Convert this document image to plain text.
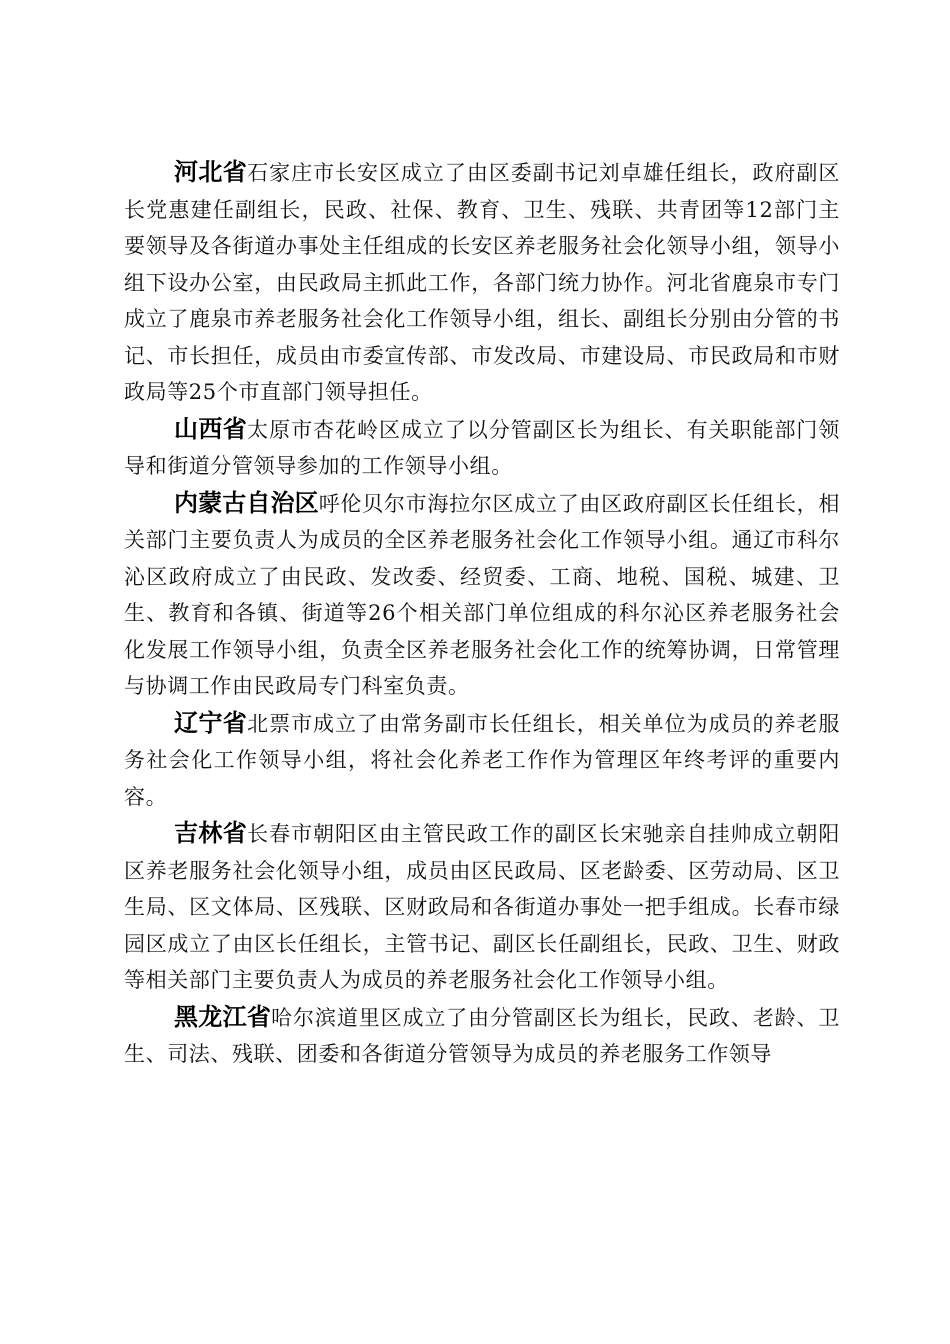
河北省石家庄市长安区成立了由区委副书记刘卓雄任组长，政府副区长党惠建任副组长，民政、社保、教育、卫生、残联、共青团等12部门主要领导及各街道办事处主任组成的长安区养老服务社会化领导小组，领导小组下设办公室，由民政局主抓此工作，各部门统力协作。河北省鹿泉市专门成立了鹿泉市养老服务社会化工作领导小组，组长、副组长分别由分管的书记、市长担任，成员由市委宣传部、市发改局、市建设局、市民政局和市财政局等25个市直部门领导担任。

山西省太原市杏花岭区成立了以分管副区长为组长、有关职能部门领导和街道分管领导参加的工作领导小组。

内蒙古自治区呼伦贝尔市海拉尔区成立了由区政府副区长任组长，相关部门主要负责人为成员的全区养老服务社会化工作领导小组。通辽市科尔沁区政府成立了由民政、发改委、经贸委、工商、地税、国税、城建、卫生、教育和各镇、街道等26个相关部门单位组成的科尔沁区养老服务社会化发展工作领导小组，负责全区养老服务社会化工作的统筹协调，日常管理与协调工作由民政局专门科室负责。

辽宁省北票市成立了由常务副市长任组长，相关单位为成员的养老服务社会化工作领导小组，将社会化养老工作作为管理区年终考评的重要内容。

吉林省长春市朝阳区由主管民政工作的副区长宋驰亲自挂帅成立朝阳区养老服务社会化领导小组，成员由区民政局、区老龄委、区劳动局、区卫生局、区文体局、区残联、区财政局和各街道办事处一把手组成。长春市绿园区成立了由区长任组长，主管书记、副区长任副组长，民政、卫生、财政等相关部门主要负责人为成员的养老服务社会化工作领导小组。

黑龙江省哈尔滨道里区成立了由分管副区长为组长，民政、老龄、卫生、司法、残联、团委和各街道分管领导为成员的养老服务工作领导
